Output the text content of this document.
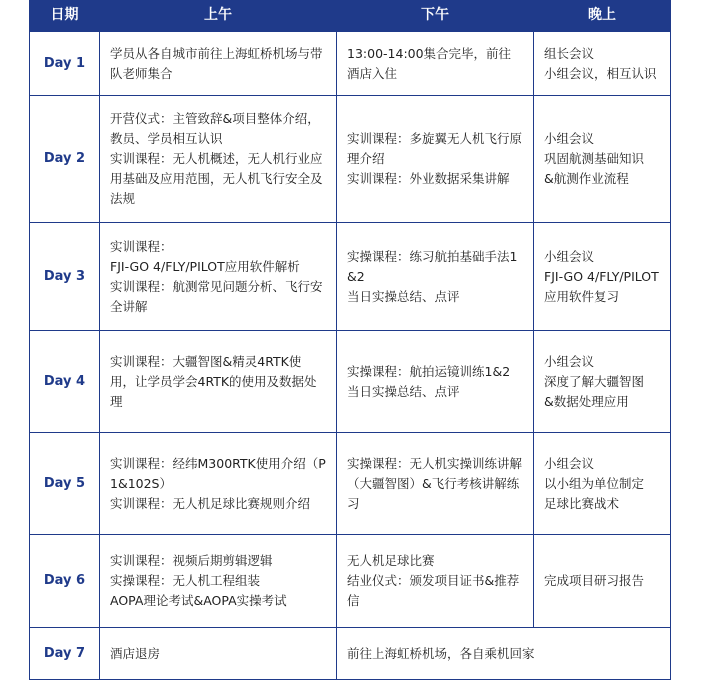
日期	上午	下午	晚上
Day 1	学员从各自城市前往上海虹桥机场与带队老师集合	13:00-14:00集合完毕，前往酒店入住	组长会议
小组会议，相互认识

Day 2	开营仪式：主管致辞&项目整体介绍，教员、学员相互认识
实训课程：无人机概述，无人机行业应用基础及应用范围，无人机飞行安全及法规	实训课程：多旋翼无人机飞行原理介绍
实训课程：外业数据采集讲解	小组会议
巩固航测基础知识
&航测作业流程

Day 3	实训课程：
FJI-GO 4/FLY/PILOT应用软件解析
实训课程：航测常见问题分析、飞行安全讲解	实操课程：练习航拍基础手法1&2
当日实操总结、点评	小组会议
FJI-GO 4/FLY/PILOT
应用软件复习

Day 4	实训课程：大疆智图&精灵4RTK使用，让学员学会4RTK的使用及数据处理	实操课程：航拍运镜训练1&2
当日实操总结、点评	小组会议
深度了解大疆智图
&数据处理应用

Day 5	实训课程：经纬M300RTK使用介绍（P1&102S）
实训课程：无人机足球比赛规则介绍	实操课程：无人机实操训练讲解（大疆智图）&飞行考核讲解练习	小组会议
以小组为单位制定
足球比赛战术

Day 6	实训课程：视频后期剪辑逻辑
实操课程：无人机工程组装
AOPA理论考试&AOPA实操考试	无人机足球比赛
结业仪式：颁发项目证书&推荐信	完成项目研习报告

Day 7	酒店退房	前往上海虹桥机场，各自乘机回家	
